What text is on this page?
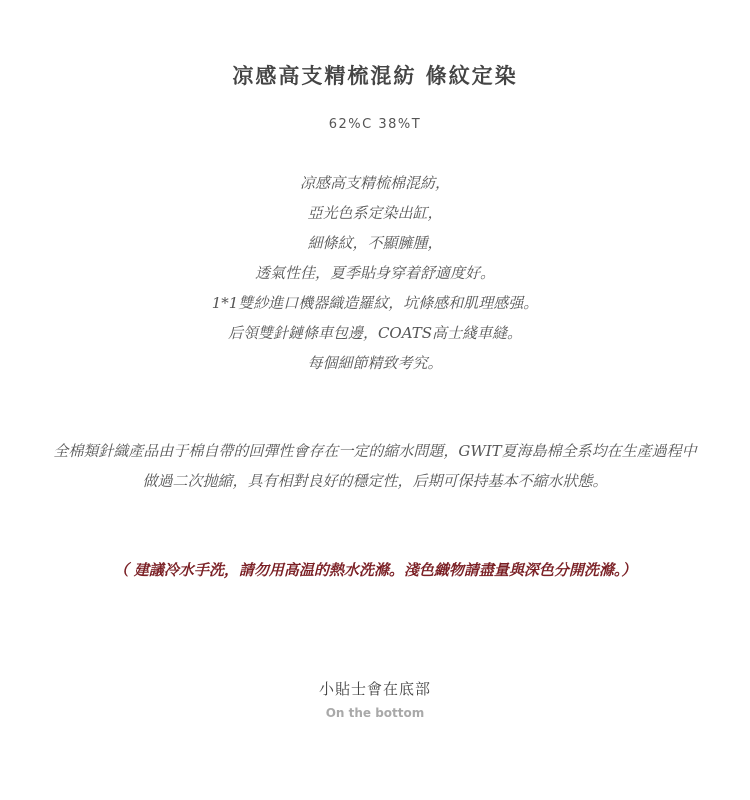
凉感高支精梳混紡 條紋定染
62%C 38%T
凉感高支精梳棉混紡，
亞光色系定染出缸，
細條紋，不顯臃腫，
透氣性佳，夏季貼身穿着舒適度好。
1*1雙紗進口機器織造羅紋，坑條感和肌理感强。
后領雙針鏈條車包邊，COATS高士綫車縫。
每個細節精致考究。
全棉類針織產品由于棉自帶的回彈性會存在一定的縮水問題，GWIT夏海島棉全系均在生產過程中
做過二次抛縮，具有相對良好的穩定性，后期可保持基本不縮水狀態。
（ 建議冷水手洗，請勿用高温的熱水洗滌。淺色織物請盡量與深色分開洗滌。）
小貼士會在底部
On the bottom
